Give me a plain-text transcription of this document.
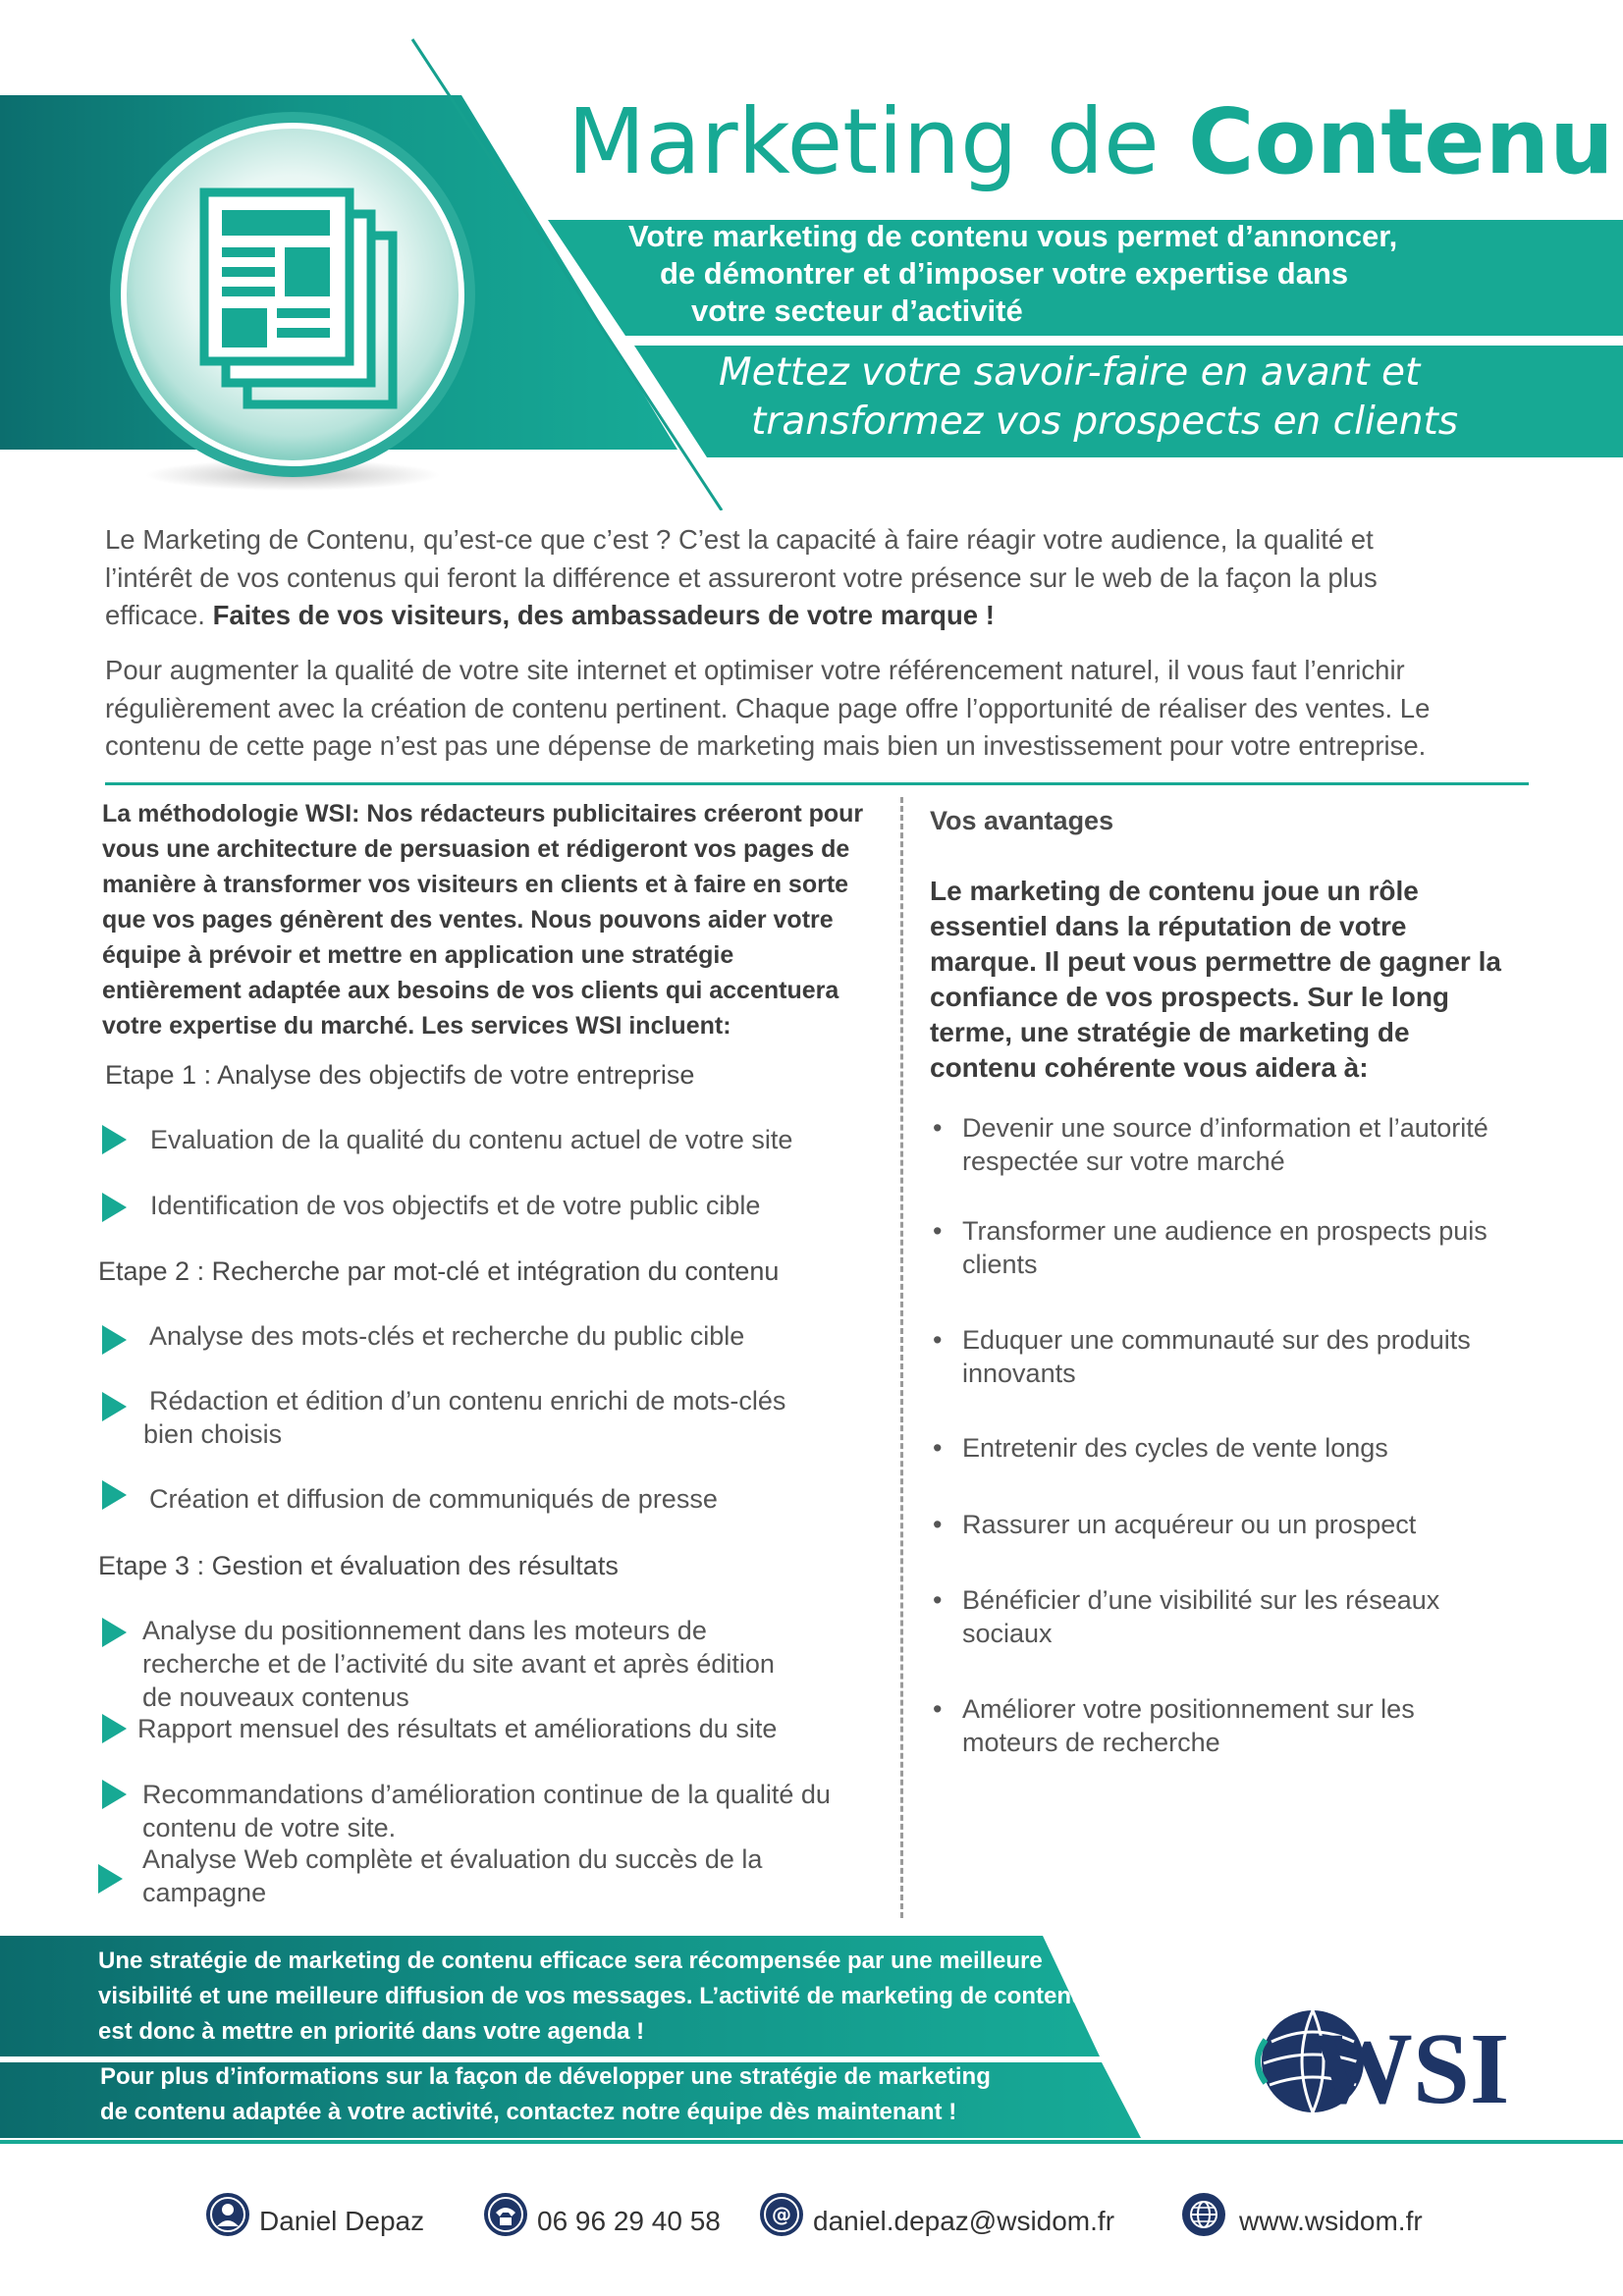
Marketing de Contenu

Votre marketing de contenu vous permet d’annoncer,
de démontrer et d’imposer votre expertise dans
votre secteur d’activité

Mettez votre savoir-faire en avant et
transformez vos prospects en clients

Le Marketing de Contenu, qu’est-ce que c’est ? C’est la capacité à faire réagir votre audience, la qualité et
l’intérêt de vos contenus qui feront la différence et assureront votre présence sur le web de la façon la plus
efficace. Faites de vos visiteurs, des ambassadeurs de votre marque !

Pour augmenter la qualité de votre site internet et optimiser votre référencement naturel, il vous faut l’enrichir
régulièrement avec la création de contenu pertinent. Chaque page offre l’opportunité de réaliser des ventes. Le
contenu de cette page n’est pas une dépense de marketing mais bien un investissement pour votre entreprise.

La méthodologie WSI: Nos rédacteurs publicitaires créeront pour
vous une architecture de persuasion et rédigeront vos pages de
manière à transformer vos visiteurs en clients et à faire en sorte
que vos pages génèrent des ventes. Nous pouvons aider votre
équipe à prévoir et mettre en application une stratégie
entièrement adaptée aux besoins de vos clients qui accentuera
votre expertise du marché. Les services WSI incluent:

Etape 1 : Analyse des objectifs de votre entreprise

Evaluation de la qualité du contenu actuel de votre site
Identification de vos objectifs et de votre public cible

Etape 2 : Recherche par mot-clé et intégration du contenu

Analyse des mots-clés et recherche du public cible
Rédaction et édition d’un contenu enrichi de mots-clés
bien choisis
Création et diffusion de communiqués de presse

Etape 3 : Gestion et évaluation des résultats

Analyse du positionnement dans les moteurs de
recherche et de l’activité du site avant et après édition
de nouveaux contenus
Rapport mensuel des résultats et améliorations du site
Recommandations d’amélioration continue de la qualité du
contenu de votre site.
Analyse Web complète et évaluation du succès de la
campagne

Vos avantages

Le marketing de contenu joue un rôle
essentiel dans la réputation de votre
marque. Il peut vous permettre de gagner la
confiance de vos prospects. Sur le long
terme, une stratégie de marketing de
contenu cohérente vous aidera à:

• Devenir une source d’information et l’autorité
respectée sur votre marché
• Transformer une audience en prospects puis
clients
• Eduquer une communauté sur des produits
innovants
• Entretenir des cycles de vente longs
• Rassurer un acquéreur ou un prospect
• Bénéficier d’une visibilité sur les réseaux
sociaux
• Améliorer votre positionnement sur les
moteurs de recherche

Une stratégie de marketing de contenu efficace sera récompensée par une meilleure
visibilité et une meilleure diffusion de vos messages. L’activité de marketing de contenu
est donc à mettre en priorité dans votre agenda !

Pour plus d’informations sur la façon de développer une stratégie de marketing
de contenu adaptée à votre activité, contactez notre équipe dès maintenant !	WSI
Daniel Depaz	06 96 29 40 58	@ daniel.depaz@wsidom.fr	www.wsidom.fr
